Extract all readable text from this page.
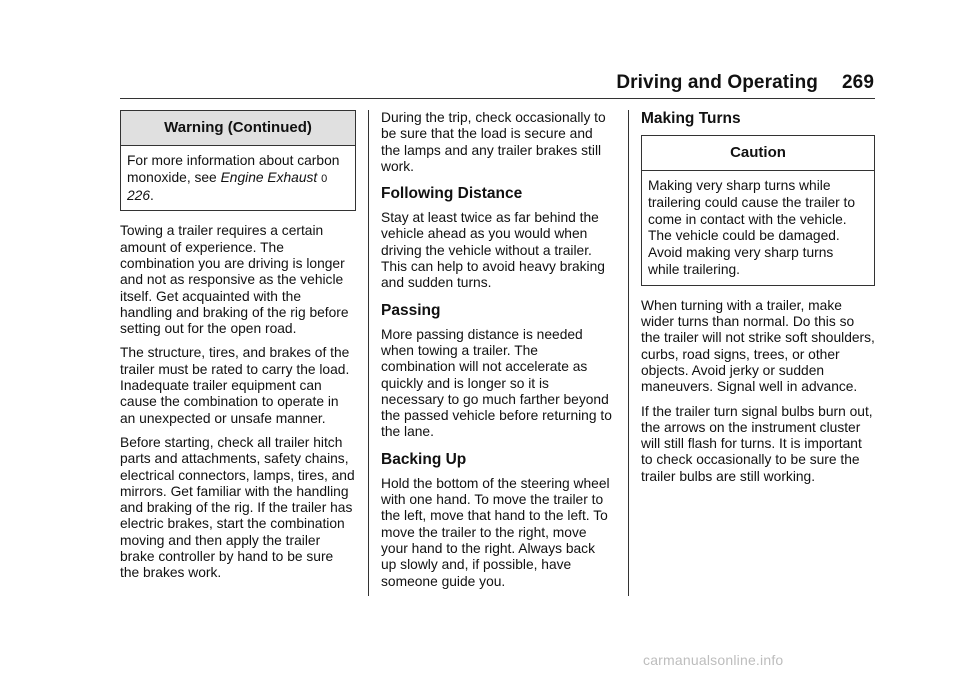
Driving and Operating 269
Warning (Continued)
For more information about carbon monoxide, see Engine Exhaust 0 226.

Towing a trailer requires a certain amount of experience. The combination you are driving is longer and not as responsive as the vehicle itself. Get acquainted with the handling and braking of the rig before setting out for the open road.

The structure, tires, and brakes of the trailer must be rated to carry the load. Inadequate trailer equipment can cause the combination to operate in an unexpected or unsafe manner.

Before starting, check all trailer hitch parts and attachments, safety chains, electrical connectors, lamps, tires, and mirrors. Get familiar with the handling and braking of the rig. If the trailer has electric brakes, start the combination moving and then apply the trailer brake controller by hand to be sure the brakes work.

During the trip, check occasionally to be sure that the load is secure and the lamps and any trailer brakes still work.

Following Distance

Stay at least twice as far behind the vehicle ahead as you would when driving the vehicle without a trailer. This can help to avoid heavy braking and sudden turns.

Passing

More passing distance is needed when towing a trailer. The combination will not accelerate as quickly and is longer so it is necessary to go much farther beyond the passed vehicle before returning to the lane.

Backing Up

Hold the bottom of the steering wheel with one hand. To move the trailer to the left, move that hand to the left. To move the trailer to the right, move your hand to the right. Always back up slowly and, if possible, have someone guide you.

Making Turns
Caution
Making very sharp turns while trailering could cause the trailer to come in contact with the vehicle. The vehicle could be damaged. Avoid making very sharp turns while trailering.

When turning with a trailer, make wider turns than normal. Do this so the trailer will not strike soft shoulders, curbs, road signs, trees, or other objects. Avoid jerky or sudden maneuvers. Signal well in advance.

If the trailer turn signal bulbs burn out, the arrows on the instrument cluster will still flash for turns. It is important to check occasionally to be sure the trailer bulbs are still working.

carmanualsonline.info
